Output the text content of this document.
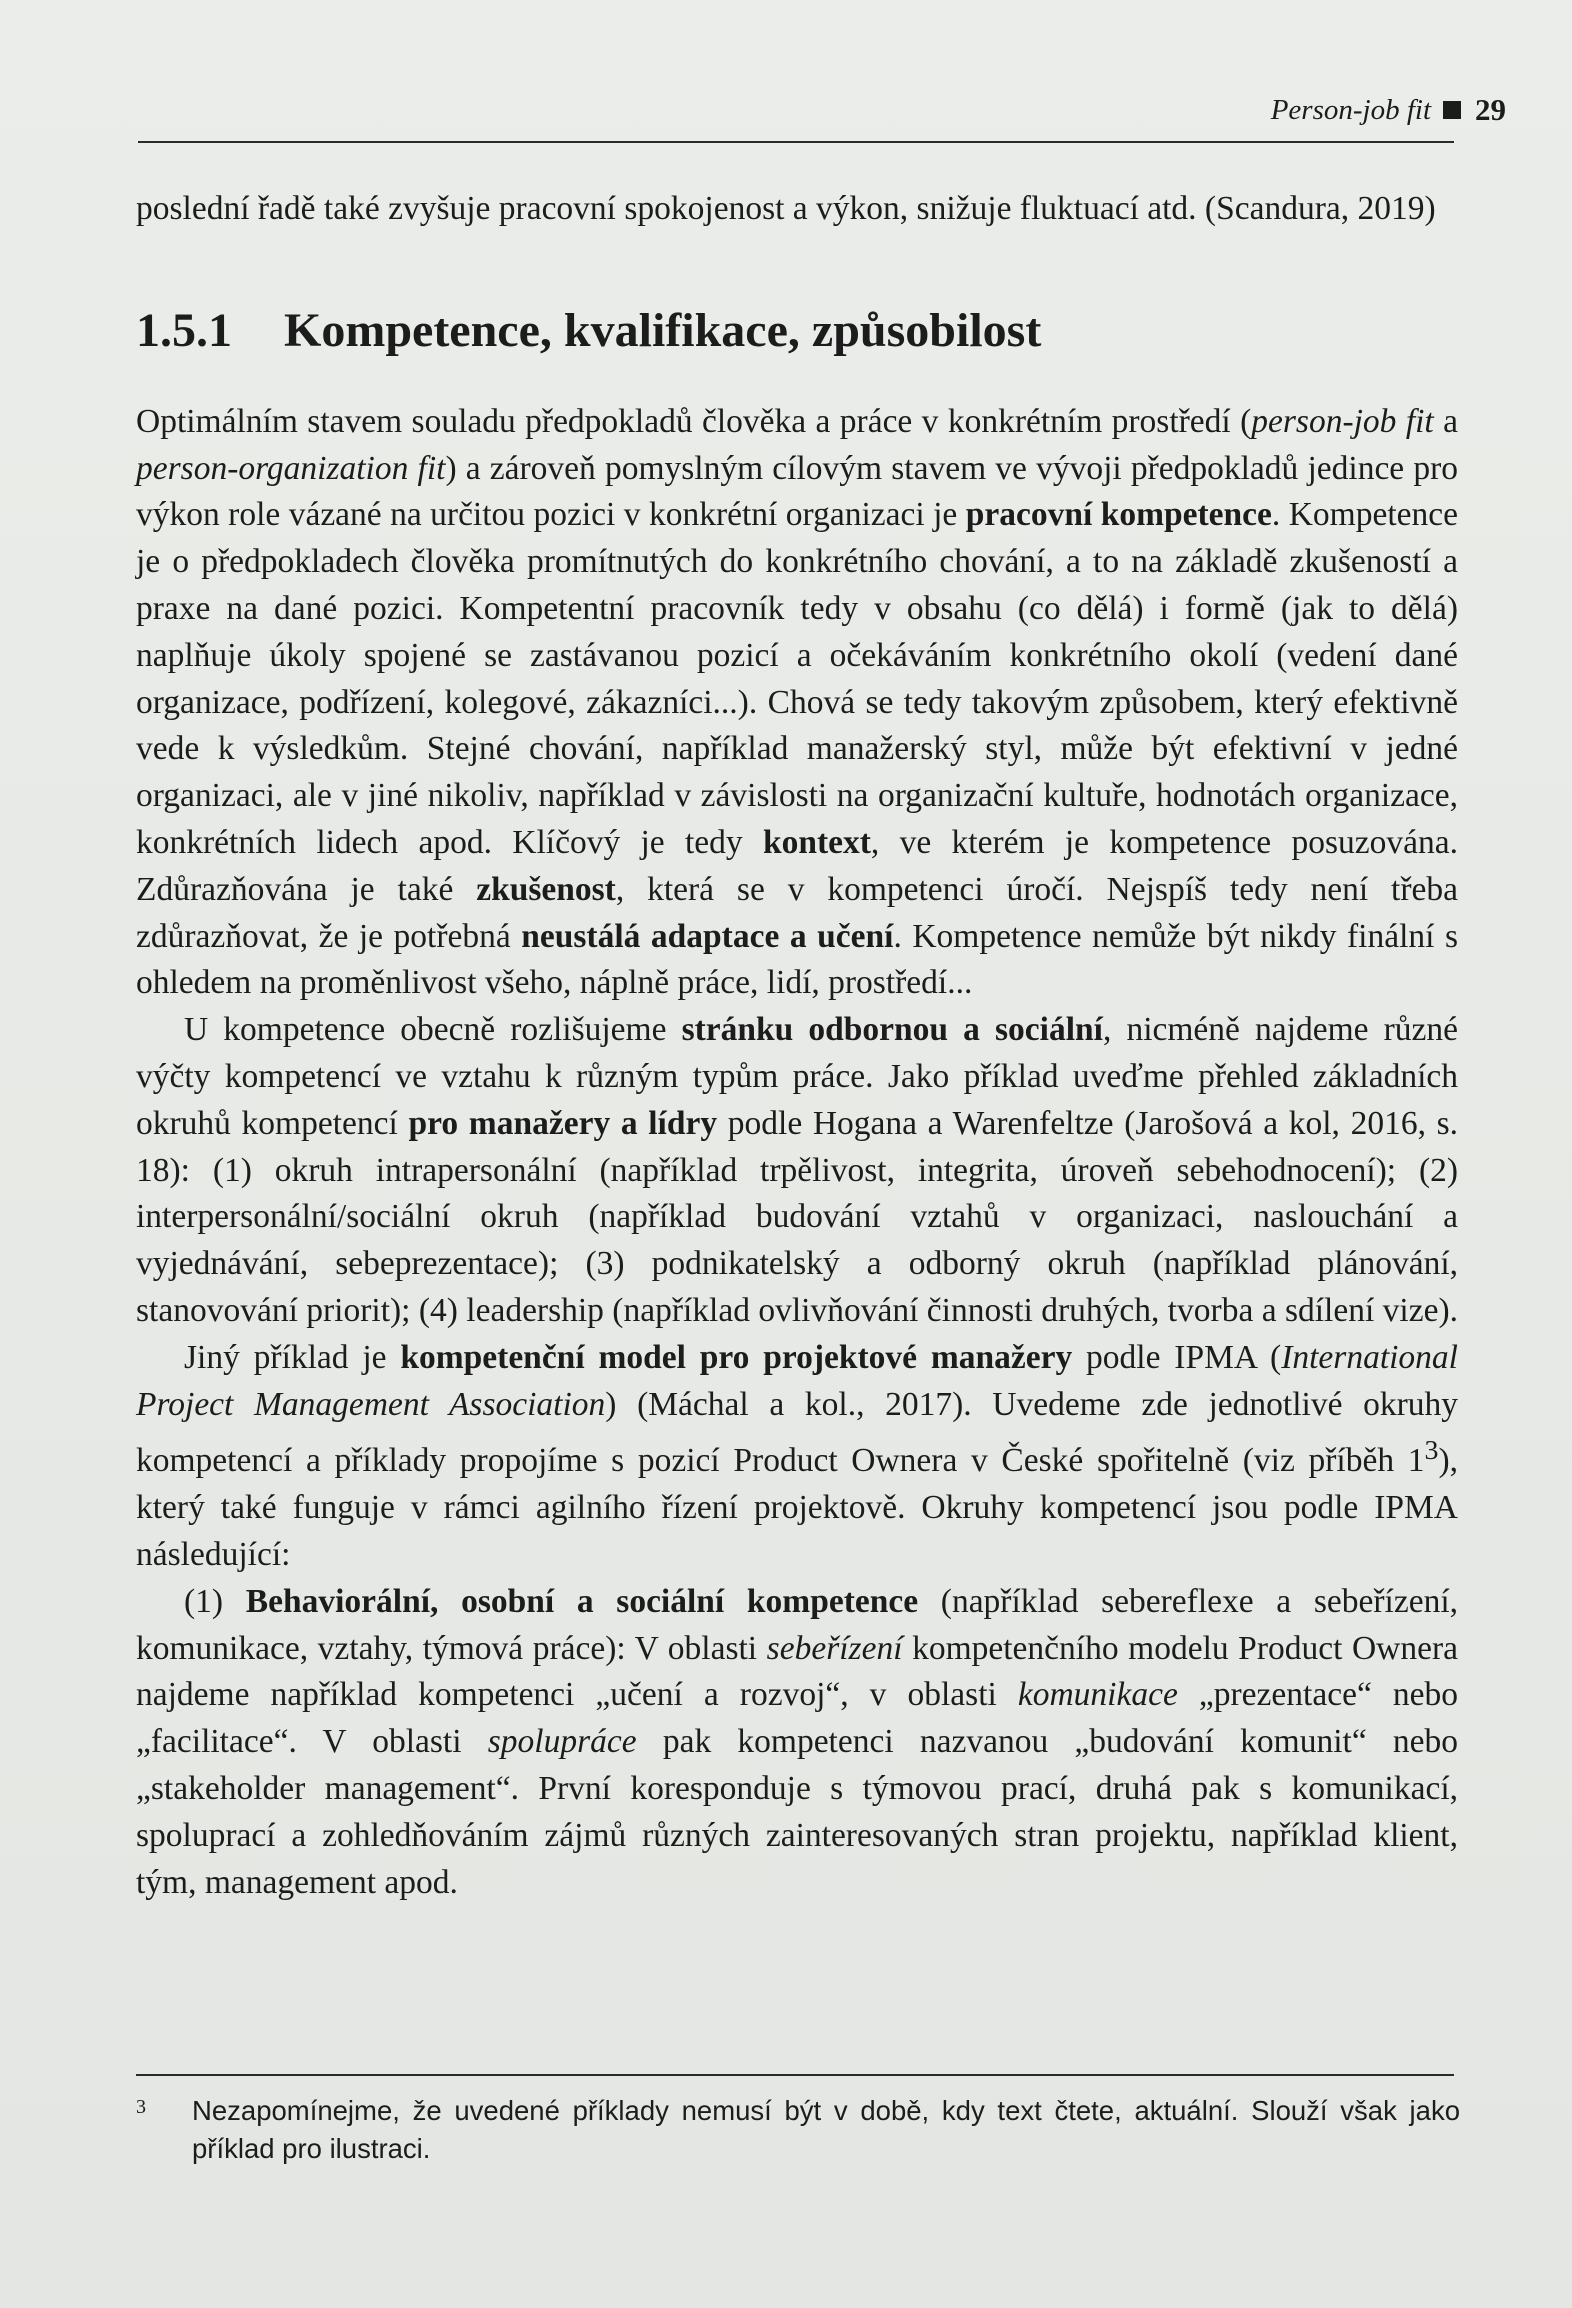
Person-job fit 29

poslední řadě také zvyšuje pracovní spokojenost a výkon, snižuje fluktuací atd. (Scandura, 2019)

1.5.1	Kompetence, kvalifikace, způsobilost

Optimálním stavem souladu předpokladů člověka a práce v konkrétním prostředí (person-job fit a person-organization fit) a zároveň pomyslným cílovým stavem ve vývoji předpokladů jedince pro výkon role vázané na určitou pozici v konkrétní organizaci je pracovní kompetence. Kompetence je o předpokladech člověka promítnutých do konkrétního chování, a to na základě zkušeností a praxe na dané pozici. Kompetentní pracovník tedy v obsahu (co dělá) i formě (jak to dělá) naplňuje úkoly spojené se zastávanou pozicí a očekáváním konkrétního okolí (vedení dané organizace, podřízení, kolegové, zákazníci...). Chová se tedy takovým způsobem, který efektivně vede k výsledkům. Stejné chování, například manažerský styl, může být efektivní v jedné organizaci, ale v jiné nikoliv, například v závislosti na organizační kultuře, hodnotách organizace, konkrétních lidech apod. Klíčový je tedy kontext, ve kterém je kompetence posuzována. Zdůrazňována je také zkušenost, která se v kompetenci úročí. Nejspíš tedy není třeba zdůrazňovat, že je potřebná neustálá adaptace a učení. Kompetence nemůže být nikdy finální s ohledem na proměnlivost všeho, náplně práce, lidí, prostředí...

U kompetence obecně rozlišujeme stránku odbornou a sociální, nicméně najdeme různé výčty kompetencí ve vztahu k různým typům práce. Jako příklad uveďme přehled základních okruhů kompetencí pro manažery a lídry podle Hogana a Warenfeltze (Jarošová a kol, 2016, s. 18): (1) okruh intrapersonální (například trpělivost, integrita, úroveň sebehodnocení); (2) interpersonální/sociální okruh (například budování vztahů v organizaci, naslouchání a vyjednávání, sebeprezentace); (3) podnikatelský a odborný okruh (například plánování, stanovování priorit); (4) leadership (například ovlivňování činnosti druhých, tvorba a sdílení vize).

Jiný příklad je kompetenční model pro projektové manažery podle IPMA (International Project Management Association) (Máchal a kol., 2017). Uvedeme zde jednotlivé okruhy kompetencí a příklady propojíme s pozicí Product Ownera v České spořitelně (viz příběh $1^3$), který také funguje v rámci agilního řízení projektově. Okruhy kompetencí jsou podle IPMA následující:

(1) Behaviorální, osobní a sociální kompetence (například sebereflexe a sebeřízení, komunikace, vztahy, týmová práce): V oblasti sebeřízení kompetenčního modelu Product Ownera najdeme například kompetenci „učení a rozvoj“, v oblasti komunikace „prezentace“ nebo „facilitace“. V oblasti spolupráce pak kompetenci nazvanou „budování komunit“ nebo „stakeholder management“. První koresponduje s týmovou prací, druhá pak s komunikací, spoluprací a zohledňováním zájmů různých zainteresovaných stran projektu, například klient, tým, management apod.

3 Nezapomínejme, že uvedené příklady nemusí být v době, kdy text čtete, aktuální. Slouží však jako příklad pro ilustraci.
